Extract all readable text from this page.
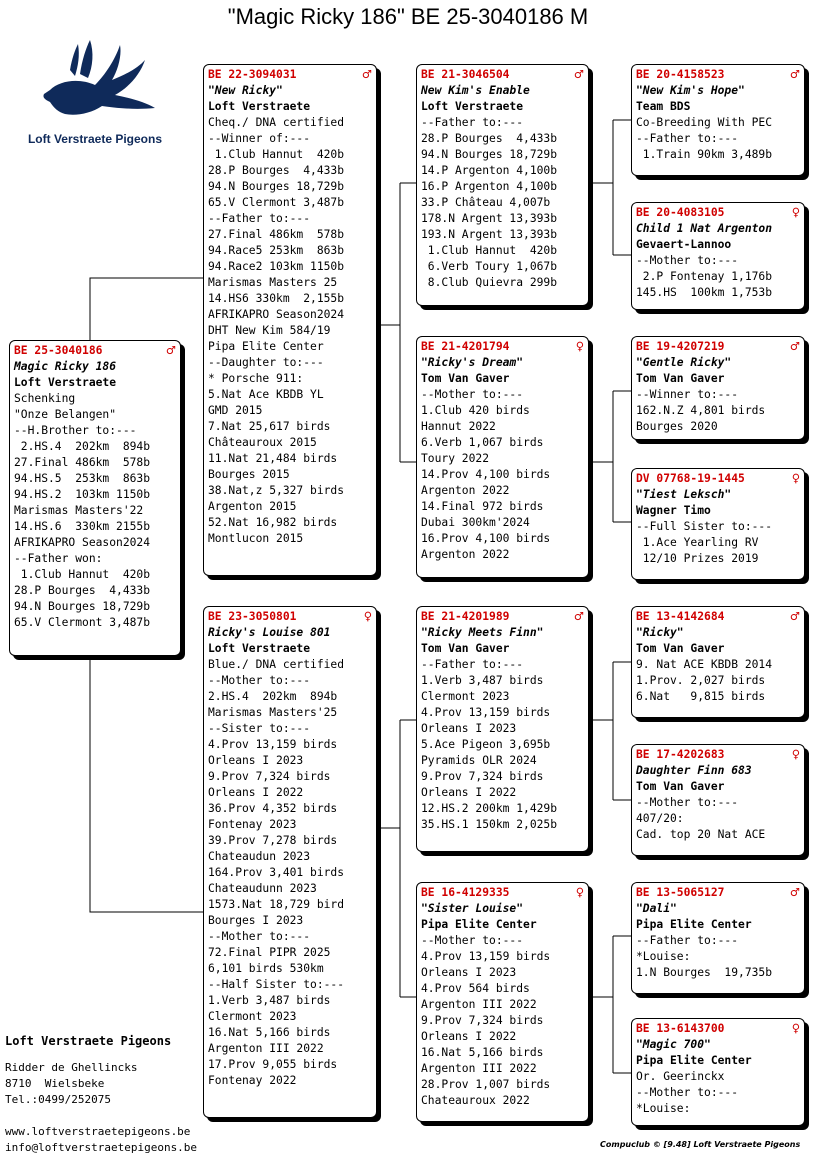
"Magic Ricky 186" BE 25-3040186 M
Loft Verstraete Pigeons
BE 25-3040186	♂
Magic Ricky 186
Loft Verstraete
Schenking
"Onze Belangen"
--H.Brother to:---
2.HS.4  202km  894b
27.Final 486km  578b
94.HS.5  253km  863b
94.HS.2  103km 1150b
Marismas Masters'22
14.HS.6  330km 2155b
AFRIKAPRO Season2024
--Father won:
1.Club Hannut  420b
28.P Bourges  4,433b
94.N Bourges 18,729b
65.V Clermont 3,487b
BE 22-3094031	♂
"New Ricky"
Loft Verstraete
Cheq./ DNA certified
--Winner of:---
1.Club Hannut  420b
28.P Bourges  4,433b
94.N Bourges 18,729b
65.V Clermont 3,487b
--Father to:---
27.Final 486km  578b
94.Race5 253km  863b
94.Race2 103km 1150b
Marismas Masters 25
14.HS6 330km  2,155b
AFRIKAPRO Season2024
DHT New Kim 584/19
Pipa Elite Center
--Daughter to:---
* Porsche 911:
5.Nat Ace KBDB YL
GMD 2015
7.Nat 25,617 birds
Châteauroux 2015
11.Nat 21,484 birds
Bourges 2015
38.Nat,z 5,327 birds
Argenton 2015
52.Nat 16,982 birds
Montlucon 2015
BE 23-3050801	♀
Ricky's Louise 801
Loft Verstraete
Blue./ DNA certified
--Mother to:---
2.HS.4  202km  894b
Marismas Masters'25
--Sister to:---
4.Prov 13,159 birds
Orleans I 2023
9.Prov 7,324 birds
Orleans I 2022
36.Prov 4,352 birds
Fontenay 2023
39.Prov 7,278 birds
Chateaudun 2023
164.Prov 3,401 birds
Chateaudunn 2023
1573.Nat 18,729 bird
Bourges I 2023
--Mother to:---
72.Final PIPR 2025
6,101 birds 530km
--Half Sister to:---
1.Verb 3,487 birds
Clermont 2023
16.Nat 5,166 birds
Argenton III 2022
17.Prov 9,055 birds
Fontenay 2022
BE 21-3046504	♂
New Kim's Enable
Loft Verstraete
--Father to:---
28.P Bourges  4,433b
94.N Bourges 18,729b
14.P Argenton 4,100b
16.P Argenton 4,100b
33.P Château 4,007b
178.N Argent 13,393b
193.N Argent 13,393b
1.Club Hannut  420b
6.Verb Toury 1,067b
8.Club Quievra 299b
BE 21-4201794	♀
"Ricky's Dream"
Tom Van Gaver
--Mother to:---
1.Club 420 birds
Hannut 2022
6.Verb 1,067 birds
Toury 2022
14.Prov 4,100 birds
Argenton 2022
14.Final 972 birds
Dubai 300km'2024
16.Prov 4,100 birds
Argenton 2022
BE 21-4201989	♂
"Ricky Meets Finn"
Tom Van Gaver
--Father to:---
1.Verb 3,487 birds
Clermont 2023
4.Prov 13,159 birds
Orleans I 2023
5.Ace Pigeon 3,695b
Pyramids OLR 2024
9.Prov 7,324 birds
Orleans I 2022
12.HS.2 200km 1,429b
35.HS.1 150km 2,025b
BE 16-4129335	♀
"Sister Louise"
Pipa Elite Center
--Mother to:---
4.Prov 13,159 birds
Orleans I 2023
4.Prov 564 birds
Argenton III 2022
9.Prov 7,324 birds
Orleans I 2022
16.Nat 5,166 birds
Argenton III 2022
28.Prov 1,007 birds
Chateauroux 2022
BE 20-4158523	♂
"New Kim's Hope"
Team BDS
Co-Breeding With PEC
--Father to:---
1.Train 90km 3,489b
BE 20-4083105	♀
Child 1 Nat Argenton
Gevaert-Lannoo
--Mother to:---
2.P Fontenay 1,176b
145.HS  100km 1,753b
BE 19-4207219	♂
"Gentle Ricky"
Tom Van Gaver
--Winner to:---
162.N.Z 4,801 birds
Bourges 2020
DV 07768-19-1445	♀
"Tiest Leksch"
Wagner Timo
--Full Sister to:---
1.Ace Yearling RV
12/10 Prizes 2019
BE 13-4142684	♂
"Ricky"
Tom Van Gaver
9. Nat ACE KBDB 2014
1.Prov. 2,027 birds
6.Nat   9,815 birds
BE 17-4202683	♀
Daughter Finn 683
Tom Van Gaver
--Mother to:---
407/20:
Cad. top 20 Nat ACE
BE 13-5065127	♂
"Dali"
Pipa Elite Center
--Father to:---
*Louise:
1.N Bourges  19,735b
BE 13-6143700	♀
"Magic 700"
Pipa Elite Center
Or. Geerinckx
--Mother to:---
*Louise:
Loft Verstraete Pigeons
Ridder de Ghellincks
8710  Wielsbeke
Tel.:0499/252075
www.loftverstraetepigeons.be
info@loftverstraetepigeons.be	Compuclub © [9.48] Loft Verstraete Pigeons
